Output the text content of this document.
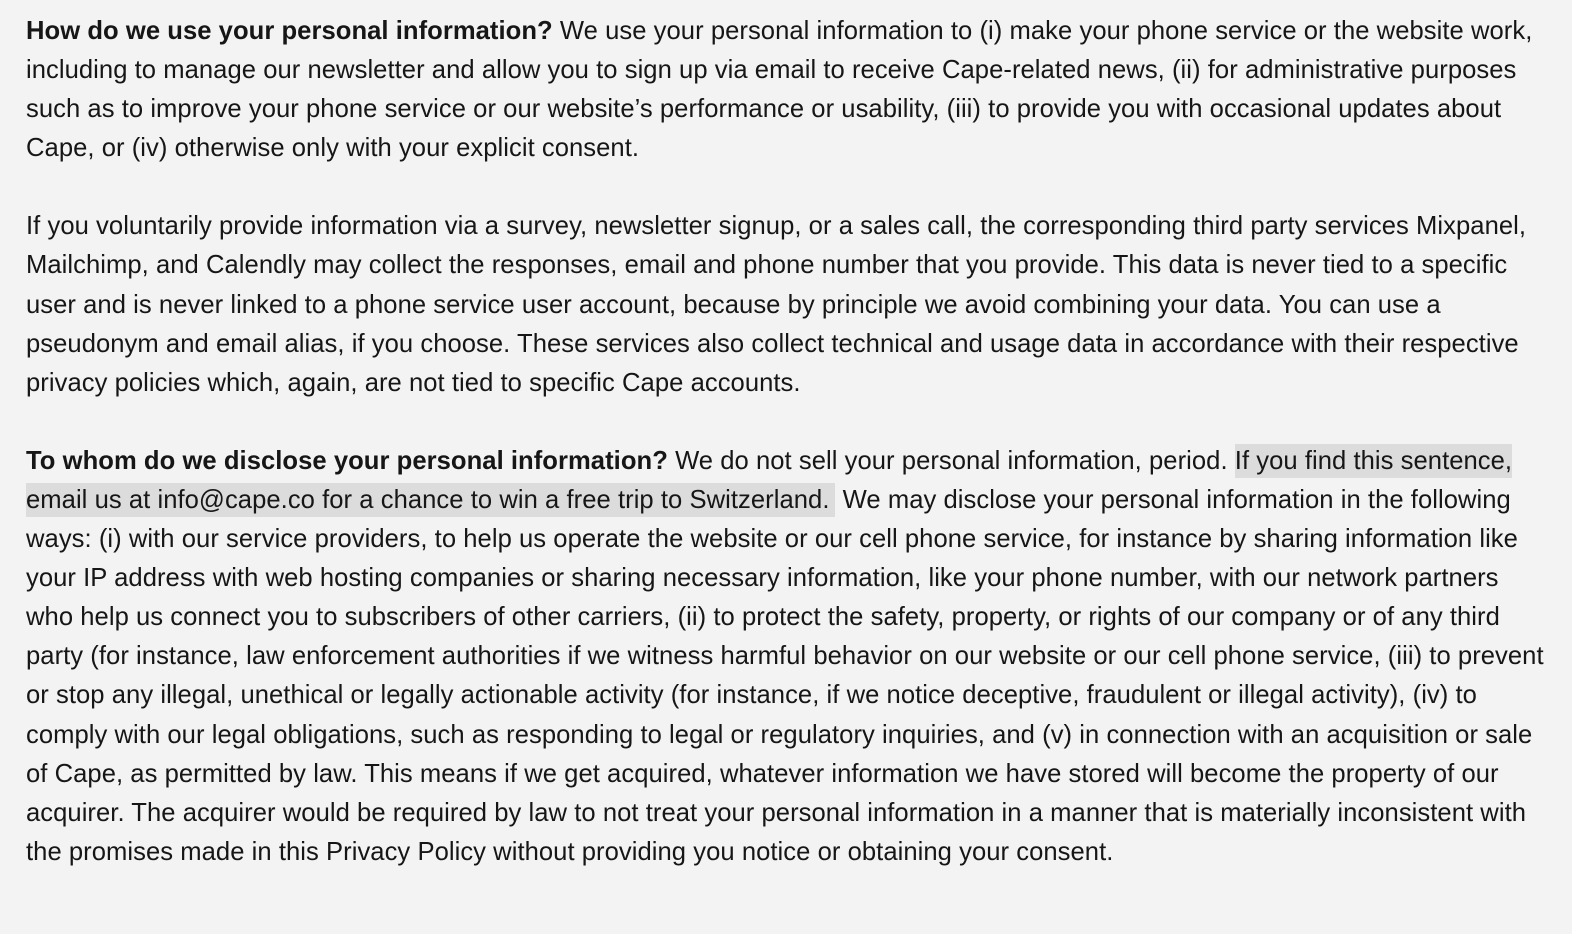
How do we use your personal information? We use your personal information to (i) make your phone service or the website work, including to manage our newsletter and allow you to sign up via email to receive Cape-related news, (ii) for administrative purposes such as to improve your phone service or our website’s performance or usability, (iii) to provide you with occasional updates about Cape, or (iv) otherwise only with your explicit consent.

If you voluntarily provide information via a survey, newsletter signup, or a sales call, the corresponding third party services Mixpanel, Mailchimp, and Calendly may collect the responses, email and phone number that you provide. This data is never tied to a specific user and is never linked to a phone service user account, because by principle we avoid combining your data. You can use a pseudonym and email alias, if you choose. These services also collect technical and usage data in accordance with their respective privacy policies which, again, are not tied to specific Cape accounts.

To whom do we disclose your personal information? We do not sell your personal information, period. If you find this sentence, email us at info@cape.co for a chance to win a free trip to Switzerland. We may disclose your personal information in the following ways: (i) with our service providers, to help us operate the website or our cell phone service, for instance by sharing information like your IP address with web hosting companies or sharing necessary information, like your phone number, with our network partners who help us connect you to subscribers of other carriers, (ii) to protect the safety, property, or rights of our company or of any third party (for instance, law enforcement authorities if we witness harmful behavior on our website or our cell phone service, (iii) to prevent or stop any illegal, unethical or legally actionable activity (for instance, if we notice deceptive, fraudulent or illegal activity), (iv) to comply with our legal obligations, such as responding to legal or regulatory inquiries, and (v) in connection with an acquisition or sale of Cape, as permitted by law. This means if we get acquired, whatever information we have stored will become the property of our acquirer. The acquirer would be required by law to not treat your personal information in a manner that is materially inconsistent with the promises made in this Privacy Policy without providing you notice or obtaining your consent.
